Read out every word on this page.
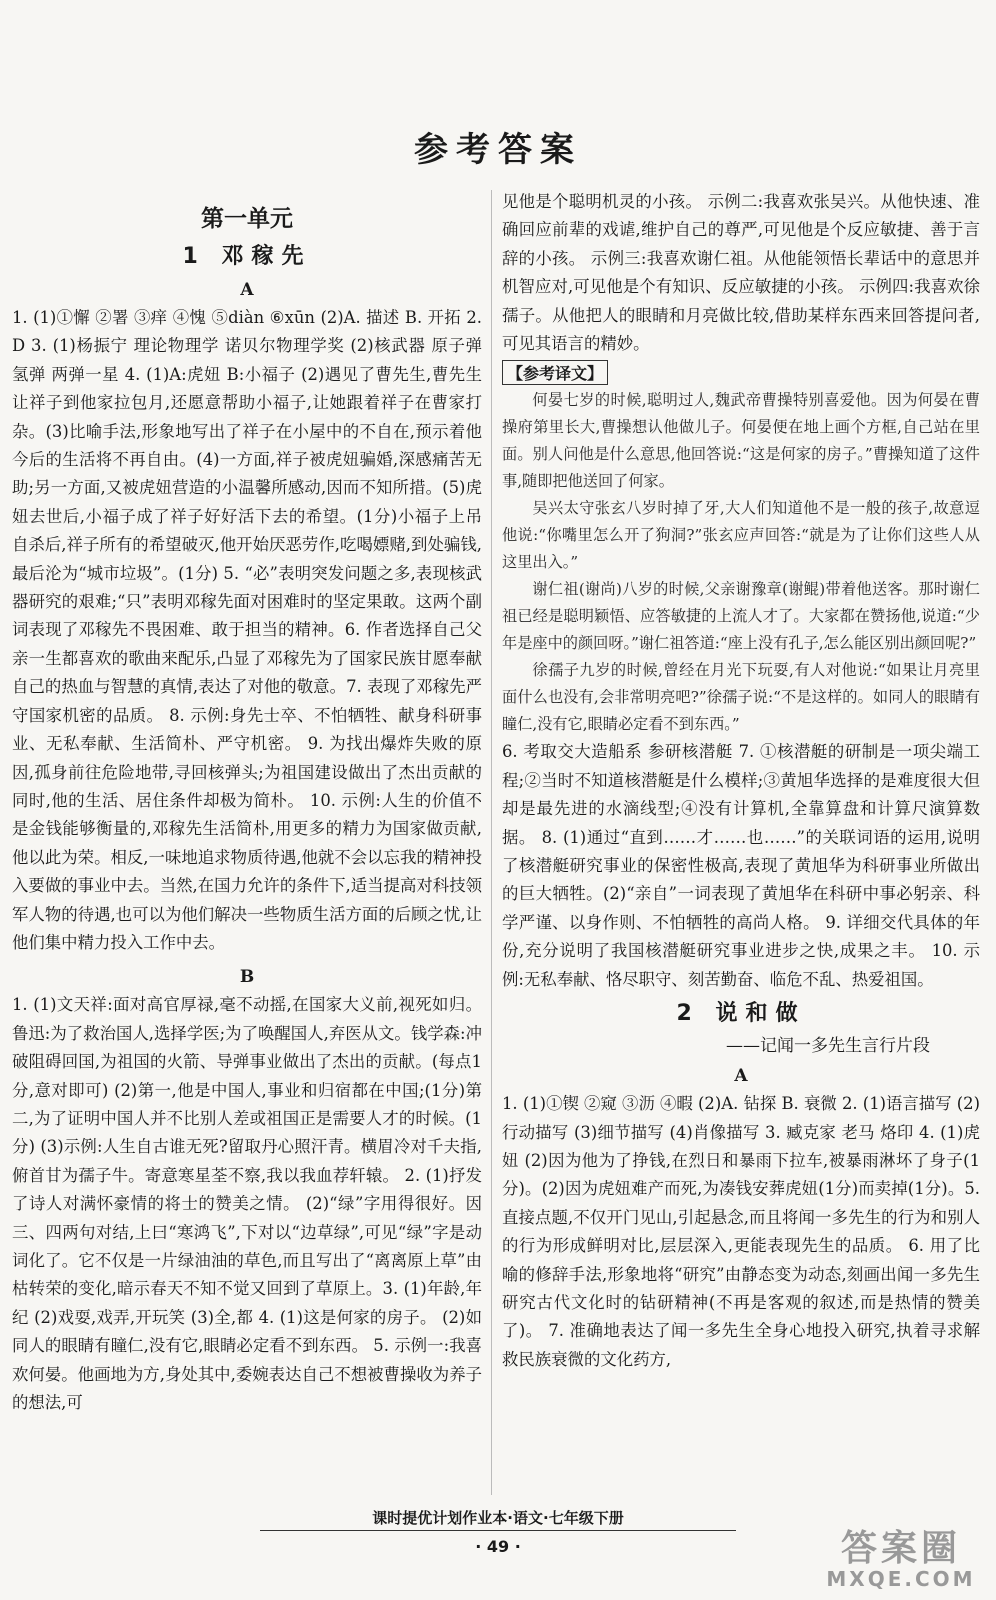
参考答案
第一单元
1 邓稼先
A

1. (1)①懈 ②署 ③痒 ④愧 ⑤diàn ⑥xūn (2)A. 描述 B. 开拓 2. D 3. (1)杨振宁 理论物理学 诺贝尔物理学奖 (2)核武器 原子弹 氢弹 两弹一星 4. (1)A:虎妞 B:小福子 (2)遇见了曹先生,曹先生让祥子到他家拉包月,还愿意帮助小福子,让她跟着祥子在曹家打杂。(3)比喻手法,形象地写出了祥子在小屋中的不自在,预示着他今后的生活将不再自由。(4)一方面,祥子被虎妞骗婚,深感痛苦无助;另一方面,又被虎妞营造的小温馨所感动,因而不知所措。(5)虎妞去世后,小福子成了祥子好好活下去的希望。(1分)小福子上吊自杀后,祥子所有的希望破灭,他开始厌恶劳作,吃喝嫖赌,到处骗钱,最后沦为“城市垃圾”。(1分) 5. “必”表明突发问题之多,表现核武器研究的艰难;“只”表明邓稼先面对困难时的坚定果敢。这两个副词表现了邓稼先不畏困难、敢于担当的精神。6. 作者选择自己父亲一生都喜欢的歌曲来配乐,凸显了邓稼先为了国家民族甘愿奉献自己的热血与智慧的真情,表达了对他的敬意。7. 表现了邓稼先严守国家机密的品质。 8. 示例:身先士卒、不怕牺牲、献身科研事业、无私奉献、生活简朴、严守机密。 9. 为找出爆炸失败的原因,孤身前往危险地带,寻回核弹头;为祖国建设做出了杰出贡献的同时,他的生活、居住条件却极为简朴。 10. 示例:人生的价值不是金钱能够衡量的,邓稼先生活简朴,用更多的精力为国家做贡献,他以此为荣。相反,一味地追求物质待遇,他就不会以忘我的精神投入要做的事业中去。当然,在国力允许的条件下,适当提高对科技领军人物的待遇,也可以为他们解决一些物质生活方面的后顾之忧,让他们集中精力投入工作中去。

B

1. (1)文天祥:面对高官厚禄,毫不动摇,在国家大义前,视死如归。鲁迅:为了救治国人,选择学医;为了唤醒国人,弃医从文。钱学森:冲破阻碍回国,为祖国的火箭、导弹事业做出了杰出的贡献。(每点1分,意对即可) (2)第一,他是中国人,事业和归宿都在中国;(1分)第二,为了证明中国人并不比别人差或祖国正是需要人才的时候。(1分) (3)示例:人生自古谁无死?留取丹心照汗青。横眉冷对千夫指,俯首甘为孺子牛。寄意寒星荃不察,我以我血荐轩辕。 2. (1)抒发了诗人对满怀豪情的将士的赞美之情。 (2)“绿”字用得很好。因三、四两句对结,上曰“寒鸿飞”,下对以“边草绿”,可见“绿”字是动词化了。它不仅是一片绿油油的草色,而且写出了“离离原上草”由枯转荣的变化,暗示春天不知不觉又回到了草原上。3. (1)年龄,年纪 (2)戏耍,戏弄,开玩笑 (3)全,都 4. (1)这是何家的房子。 (2)如同人的眼睛有瞳仁,没有它,眼睛必定看不到东西。 5. 示例一:我喜欢何晏。他画地为方,身处其中,委婉表达自己不想被曹操收为养子的想法,可

见他是个聪明机灵的小孩。 示例二:我喜欢张吴兴。从他快速、准确回应前辈的戏谑,维护自己的尊严,可见他是个反应敏捷、善于言辞的小孩。 示例三:我喜欢谢仁祖。从他能领悟长辈话中的意思并机智应对,可见他是个有知识、反应敏捷的小孩。 示例四:我喜欢徐孺子。从他把人的眼睛和月亮做比较,借助某样东西来回答提问者,可见其语言的精妙。

【参考译文】

何晏七岁的时候,聪明过人,魏武帝曹操特别喜爱他。因为何晏在曹操府第里长大,曹操想认他做儿子。何晏便在地上画个方框,自己站在里面。别人问他是什么意思,他回答说:“这是何家的房子。”曹操知道了这件事,随即把他送回了何家。

吴兴太守张玄八岁时掉了牙,大人们知道他不是一般的孩子,故意逗他说:“你嘴里怎么开了狗洞?”张玄应声回答:“就是为了让你们这些人从这里出入。”

谢仁祖(谢尚)八岁的时候,父亲谢豫章(谢鲲)带着他送客。那时谢仁祖已经是聪明颖悟、应答敏捷的上流人才了。大家都在赞扬他,说道:“少年是座中的颜回呀。”谢仁祖答道:“座上没有孔子,怎么能区别出颜回呢?”

徐孺子九岁的时候,曾经在月光下玩耍,有人对他说:“如果让月亮里面什么也没有,会非常明亮吧?”徐孺子说:“不是这样的。如同人的眼睛有瞳仁,没有它,眼睛必定看不到东西。”

6. 考取交大造船系 参研核潜艇 7. ①核潜艇的研制是一项尖端工程;②当时不知道核潜艇是什么模样;③黄旭华选择的是难度很大但却是最先进的水滴线型;④没有计算机,全靠算盘和计算尺演算数据。 8. (1)通过“直到……才……也……”的关联词语的运用,说明了核潜艇研究事业的保密性极高,表现了黄旭华为科研事业所做出的巨大牺牲。(2)“亲自”一词表现了黄旭华在科研中事必躬亲、科学严谨、以身作则、不怕牺牲的高尚人格。 9. 详细交代具体的年份,充分说明了我国核潜艇研究事业进步之快,成果之丰。 10. 示例:无私奉献、恪尽职守、刻苦勤奋、临危不乱、热爱祖国。

2 说和做
——记闻一多先生言行片段
A

1. (1)①锲 ②窥 ③沥 ④暇 (2)A. 钻探 B. 衰微 2. (1)语言描写 (2)行动描写 (3)细节描写 (4)肖像描写 3. 臧克家 老马 烙印 4. (1)虎妞 (2)因为他为了挣钱,在烈日和暴雨下拉车,被暴雨淋坏了身子(1分)。(2)因为虎妞难产而死,为凑钱安葬虎妞(1分)而卖掉(1分)。5. 直接点题,不仅开门见山,引起悬念,而且将闻一多先生的行为和别人的行为形成鲜明对比,层层深入,更能表现先生的品质。 6. 用了比喻的修辞手法,形象地将“研究”由静态变为动态,刻画出闻一多先生研究古代文化时的钻研精神(不再是客观的叙述,而是热情的赞美了)。 7. 准确地表达了闻一多先生全身心地投入研究,执着寻求解救民族衰微的文化药方,

课时提优计划作业本·语文·七年级下册
· 49 ·	答案圈
MXQE.COM
